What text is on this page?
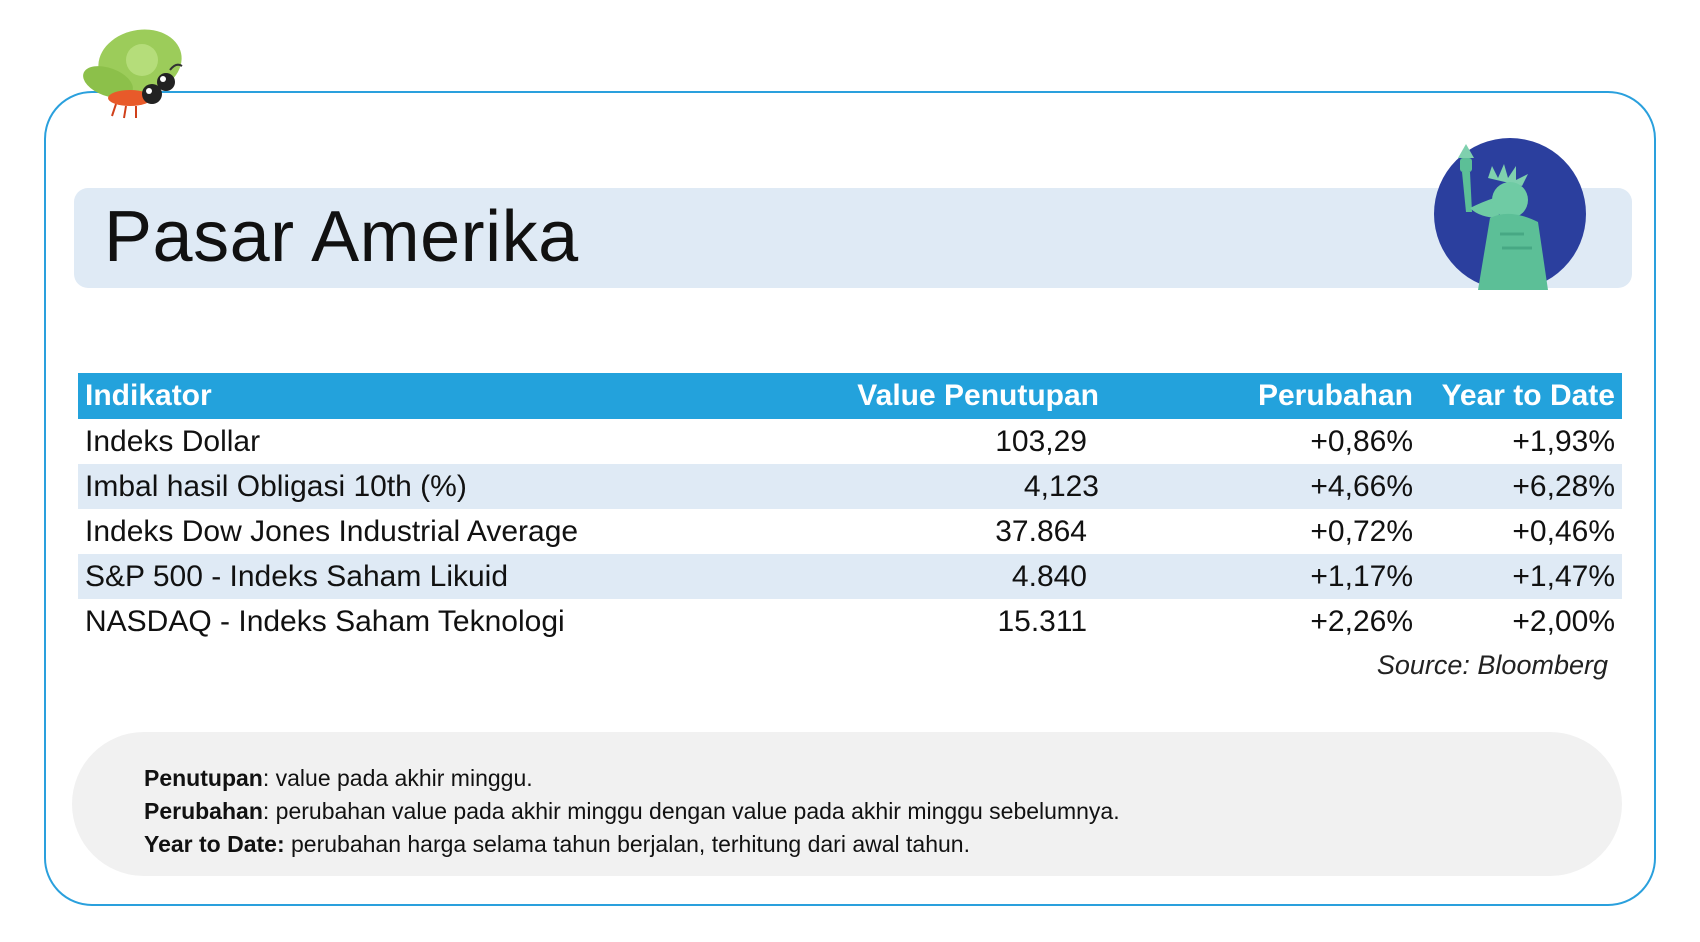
Pasar Amerika
Indikator	Value Penutupan	Perubahan	Year to Date
Indeks Dollar	103,29	+0,86%	+1,93%
Imbal hasil Obligasi 10th (%)	4,123	+4,66%	+6,28%
Indeks Dow Jones Industrial Average	37.864	+0,72%	+0,46%
S&P 500 - Indeks Saham Likuid	4.840	+1,17%	+1,47%
NASDAQ - Indeks Saham Teknologi	15.311	+2,26%	+2,00%
Source: Bloomberg

Penutupan: value pada akhir minggu.

Perubahan: perubahan value pada akhir minggu dengan value pada akhir minggu sebelumnya.

Year to Date: perubahan harga selama tahun berjalan, terhitung dari awal tahun.
